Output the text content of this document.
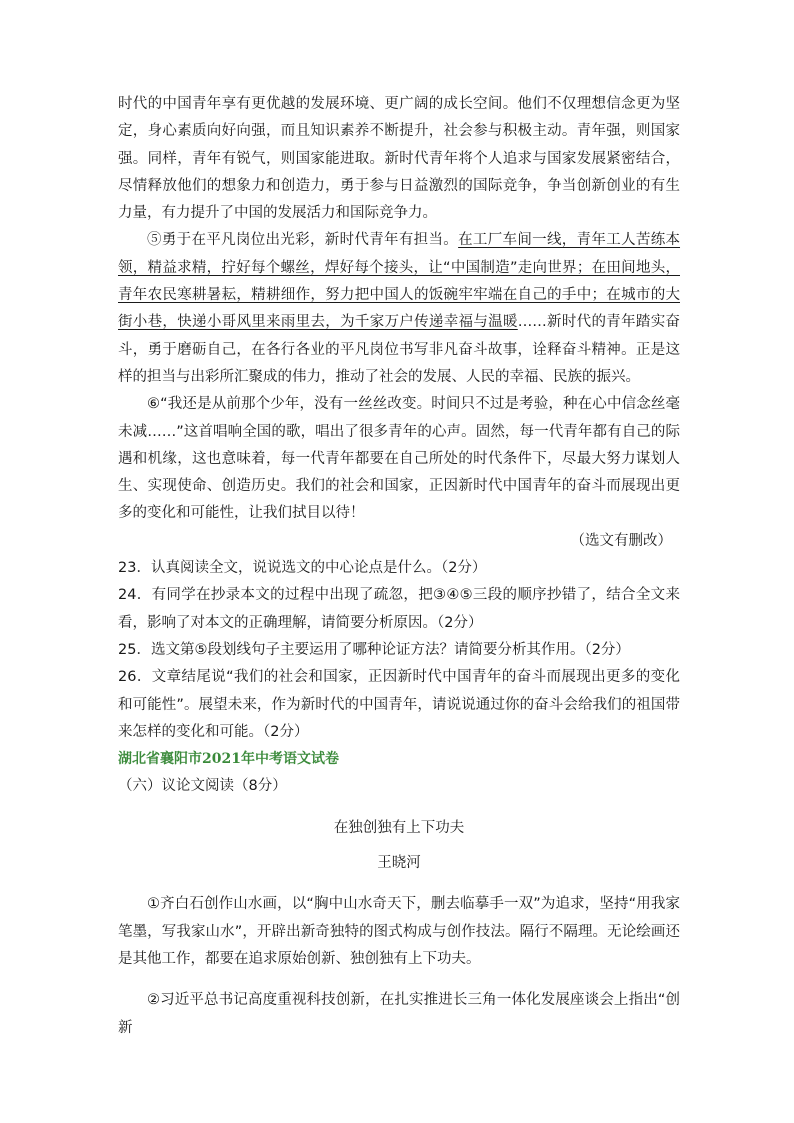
时代的中国青年享有更优越的发展环境、更广阔的成长空间。他们不仅理想信念更为坚定，身心素质向好向强，而且知识素养不断提升，社会参与积极主动。青年强，则国家强。同样，青年有锐气，则国家能进取。新时代青年将个人追求与国家发展紧密结合，尽情释放他们的想象力和创造力，勇于参与日益激烈的国际竞争，争当创新创业的有生力量，有力提升了中国的发展活力和国际竞争力。

⑤勇于在平凡岗位出光彩，新时代青年有担当。在工厂车间一线，青年工人苦练本领，精益求精，拧好每个螺丝，焊好每个接头，让“中国制造”走向世界；在田间地头，青年农民寒耕暑耘，精耕细作，努力把中国人的饭碗牢牢端在自己的手中；在城市的大街小巷，快递小哥风里来雨里去，为千家万户传递幸福与温暖……新时代的青年踏实奋斗，勇于磨砺自己，在各行各业的平凡岗位书写非凡奋斗故事，诠释奋斗精神。正是这样的担当与出彩所汇聚成的伟力，推动了社会的发展、人民的幸福、民族的振兴。

⑥“我还是从前那个少年，没有一丝丝改变。时间只不过是考验，种在心中信念丝毫未减……”这首唱响全国的歌，唱出了很多青年的心声。固然，每一代青年都有自己的际遇和机缘，这也意味着，每一代青年都要在自己所处的时代条件下，尽最大努力谋划人生、实现使命、创造历史。我们的社会和国家，正因新时代中国青年的奋斗而展现出更多的变化和可能性，让我们拭目以待！

（选文有删改）

23．认真阅读全文，说说选文的中心论点是什么。（2分）

24．有同学在抄录本文的过程中出现了疏忽，把③④⑤三段的顺序抄错了，结合全文来看，影响了对本文的正确理解，请简要分析原因。（2分）

25．选文第⑤段划线句子主要运用了哪种论证方法？请简要分析其作用。（2分）

26．文章结尾说“我们的社会和国家，正因新时代中国青年的奋斗而展现出更多的变化和可能性”。展望未来，作为新时代的中国青年，请说说通过你的奋斗会给我们的祖国带来怎样的变化和可能。（2分）

湖北省襄阳市2021年中考语文试卷

（六）议论文阅读（8分）

在独创独有上下功夫

王晓河

①齐白石创作山水画，以“胸中山水奇天下，删去临摹手一双”为追求，坚持“用我家笔墨，写我家山水”，开辟出新奇独特的图式构成与创作技法。隔行不隔理。无论绘画还是其他工作，都要在追求原始创新、独创独有上下功夫。

②习近平总书记高度重视科技创新，在扎实推进长三角一体化发展座谈会上指出“创新
